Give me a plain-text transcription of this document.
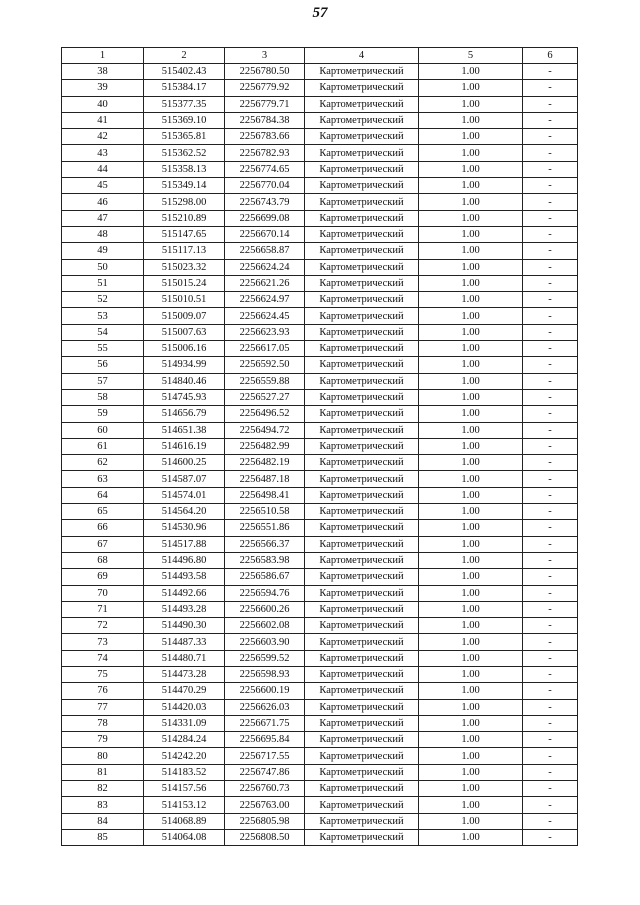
57
1	2	3	4	5	6
38	515402.43	2256780.50	Картометрический	1.00	-
39	515384.17	2256779.92	Картометрический	1.00	-
40	515377.35	2256779.71	Картометрический	1.00	-
41	515369.10	2256784.38	Картометрический	1.00	-
42	515365.81	2256783.66	Картометрический	1.00	-
43	515362.52	2256782.93	Картометрический	1.00	-
44	515358.13	2256774.65	Картометрический	1.00	-
45	515349.14	2256770.04	Картометрический	1.00	-
46	515298.00	2256743.79	Картометрический	1.00	-
47	515210.89	2256699.08	Картометрический	1.00	-
48	515147.65	2256670.14	Картометрический	1.00	-
49	515117.13	2256658.87	Картометрический	1.00	-
50	515023.32	2256624.24	Картометрический	1.00	-
51	515015.24	2256621.26	Картометрический	1.00	-
52	515010.51	2256624.97	Картометрический	1.00	-
53	515009.07	2256624.45	Картометрический	1.00	-
54	515007.63	2256623.93	Картометрический	1.00	-
55	515006.16	2256617.05	Картометрический	1.00	-
56	514934.99	2256592.50	Картометрический	1.00	-
57	514840.46	2256559.88	Картометрический	1.00	-
58	514745.93	2256527.27	Картометрический	1.00	-
59	514656.79	2256496.52	Картометрический	1.00	-
60	514651.38	2256494.72	Картометрический	1.00	-
61	514616.19	2256482.99	Картометрический	1.00	-
62	514600.25	2256482.19	Картометрический	1.00	-
63	514587.07	2256487.18	Картометрический	1.00	-
64	514574.01	2256498.41	Картометрический	1.00	-
65	514564.20	2256510.58	Картометрический	1.00	-
66	514530.96	2256551.86	Картометрический	1.00	-
67	514517.88	2256566.37	Картометрический	1.00	-
68	514496.80	2256583.98	Картометрический	1.00	-
69	514493.58	2256586.67	Картометрический	1.00	-
70	514492.66	2256594.76	Картометрический	1.00	-
71	514493.28	2256600.26	Картометрический	1.00	-
72	514490.30	2256602.08	Картометрический	1.00	-
73	514487.33	2256603.90	Картометрический	1.00	-
74	514480.71	2256599.52	Картометрический	1.00	-
75	514473.28	2256598.93	Картометрический	1.00	-
76	514470.29	2256600.19	Картометрический	1.00	-
77	514420.03	2256626.03	Картометрический	1.00	-
78	514331.09	2256671.75	Картометрический	1.00	-
79	514284.24	2256695.84	Картометрический	1.00	-
80	514242.20	2256717.55	Картометрический	1.00	-
81	514183.52	2256747.86	Картометрический	1.00	-
82	514157.56	2256760.73	Картометрический	1.00	-
83	514153.12	2256763.00	Картометрический	1.00	-
84	514068.89	2256805.98	Картометрический	1.00	-
85	514064.08	2256808.50	Картометрический	1.00	-
